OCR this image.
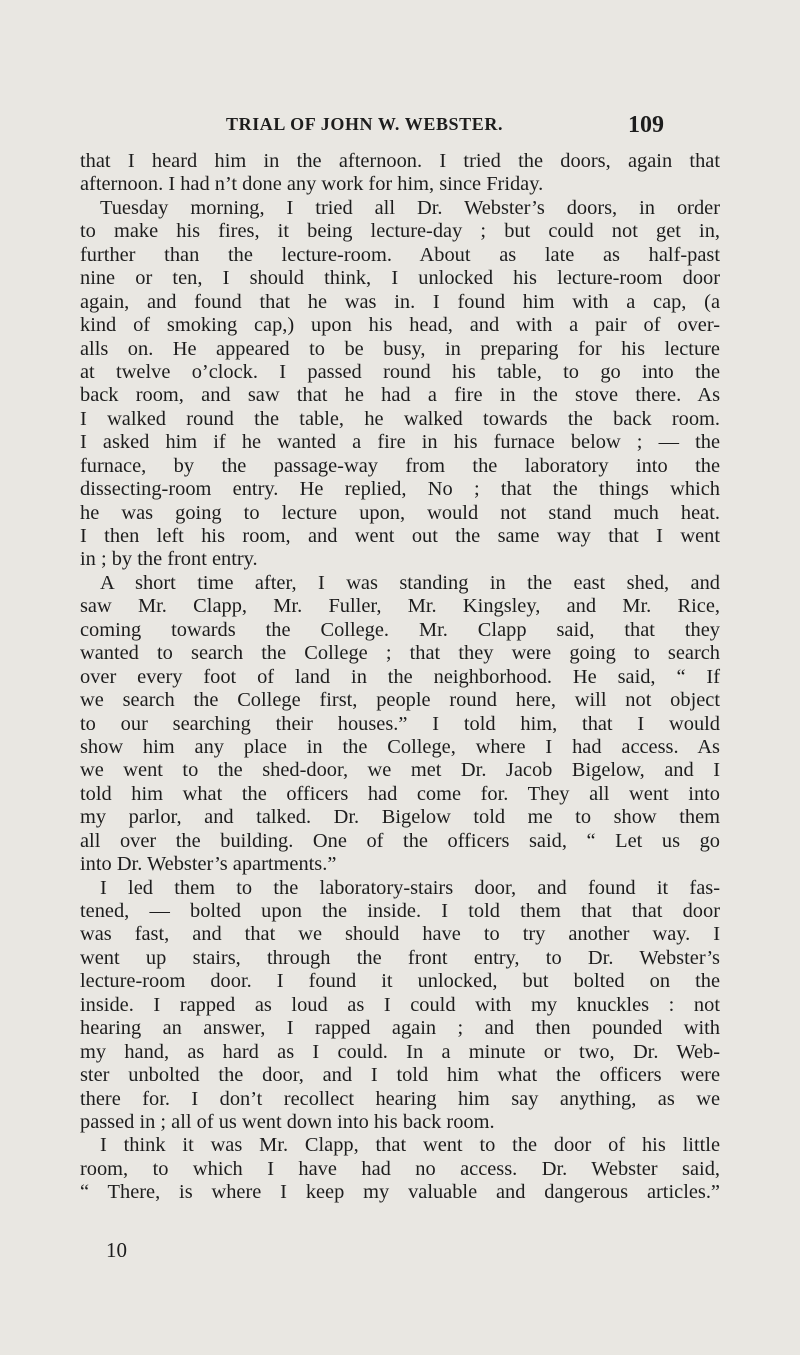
TRIAL OF JOHN W. WEBSTER.	109
that I heard him in the afternoon. I tried the doors, again that
afternoon. I had n’t done any work for him, since Friday.
Tuesday morning, I tried all Dr. Webster’s doors, in order
to make his fires, it being lecture-day ; but could not get in,
further than the lecture-room. About as late as half-past
nine or ten, I should think, I unlocked his lecture-room door
again, and found that he was in. I found him with a cap, (a
kind of smoking cap,) upon his head, and with a pair of over-
alls on. He appeared to be busy, in preparing for his lecture
at twelve o’clock. I passed round his table, to go into the
back room, and saw that he had a fire in the stove there. As
I walked round the table, he walked towards the back room.
I asked him if he wanted a fire in his furnace below ; — the
furnace, by the passage-way from the laboratory into the
dissecting-room entry. He replied, No ; that the things which
he was going to lecture upon, would not stand much heat.
I then left his room, and went out the same way that I went
in ; by the front entry.
A short time after, I was standing in the east shed, and
saw Mr. Clapp, Mr. Fuller, Mr. Kingsley, and Mr. Rice,
coming towards the College. Mr. Clapp said, that they
wanted to search the College ; that they were going to search
over every foot of land in the neighborhood. He said, “ If
we search the College first, people round here, will not object
to our searching their houses.” I told him, that I would
show him any place in the College, where I had access. As
we went to the shed-door, we met Dr. Jacob Bigelow, and I
told him what the officers had come for. They all went into
my parlor, and talked. Dr. Bigelow told me to show them
all over the building. One of the officers said, “ Let us go
into Dr. Webster’s apartments.”
I led them to the laboratory-stairs door, and found it fas-
tened, — bolted upon the inside. I told them that that door
was fast, and that we should have to try another way. I
went up stairs, through the front entry, to Dr. Webster’s
lecture-room door. I found it unlocked, but bolted on the
inside. I rapped as loud as I could with my knuckles : not
hearing an answer, I rapped again ; and then pounded with
my hand, as hard as I could. In a minute or two, Dr. Web-
ster unbolted the door, and I told him what the officers were
there for. I don’t recollect hearing him say anything, as we
passed in ; all of us went down into his back room.
I think it was Mr. Clapp, that went to the door of his little
room, to which I have had no access. Dr. Webster said,
“ There, is where I keep my valuable and dangerous articles.”
10
